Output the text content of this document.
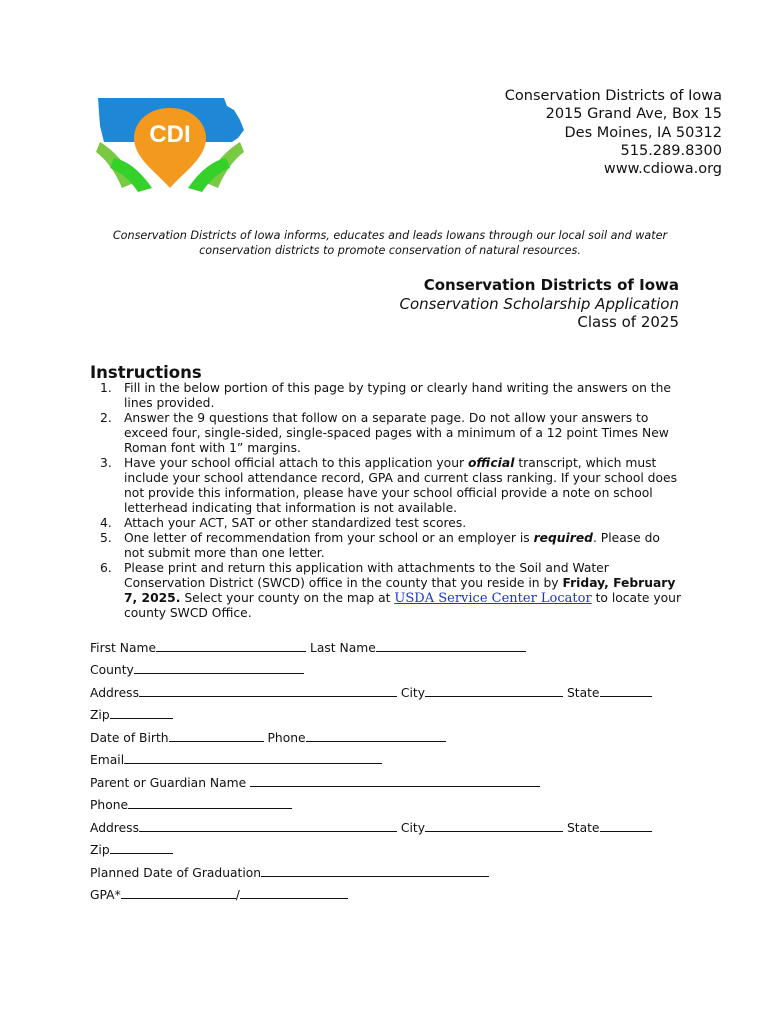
CDI
Conservation Districts of Iowa
2015 Grand Ave, Box 15
Des Moines, IA 50312
515.289.8300
www.cdiowa.org
Conservation Districts of Iowa informs, educates and leads Iowans through our local soil and water
conservation districts to promote conservation of natural resources.
Conservation Districts of Iowa
Conservation Scholarship Application
Class of 2025
Instructions
1. Fill in the below portion of this page by typing or clearly hand writing the answers on the lines provided.
2. Answer the 9 questions that follow on a separate page. Do not allow your answers to exceed four, single-sided, single-spaced pages with a minimum of a 12 point Times New Roman font with 1” margins.
3. Have your school official attach to this application your official transcript, which must include your school attendance record, GPA and current class ranking. If your school does not provide this information, please have your school official provide a note on school letterhead indicating that information is not available.
4. Attach your ACT, SAT or other standardized test scores.
5. One letter of recommendation from your school or an employer is required. Please do not submit more than one letter.
6. Please print and return this application with attachments to the Soil and Water Conservation District (SWCD) office in the county that you reside in by Friday, February 7, 2025. Select your county on the map at USDA Service Center Locator to locate your county SWCD Office.
First Name	Last Name
County
Address	City	State
Zip
Date of Birth	Phone
Email
Parent or Guardian Name
Phone
Address	City	State
Zip
Planned Date of Graduation
GPA*	/
